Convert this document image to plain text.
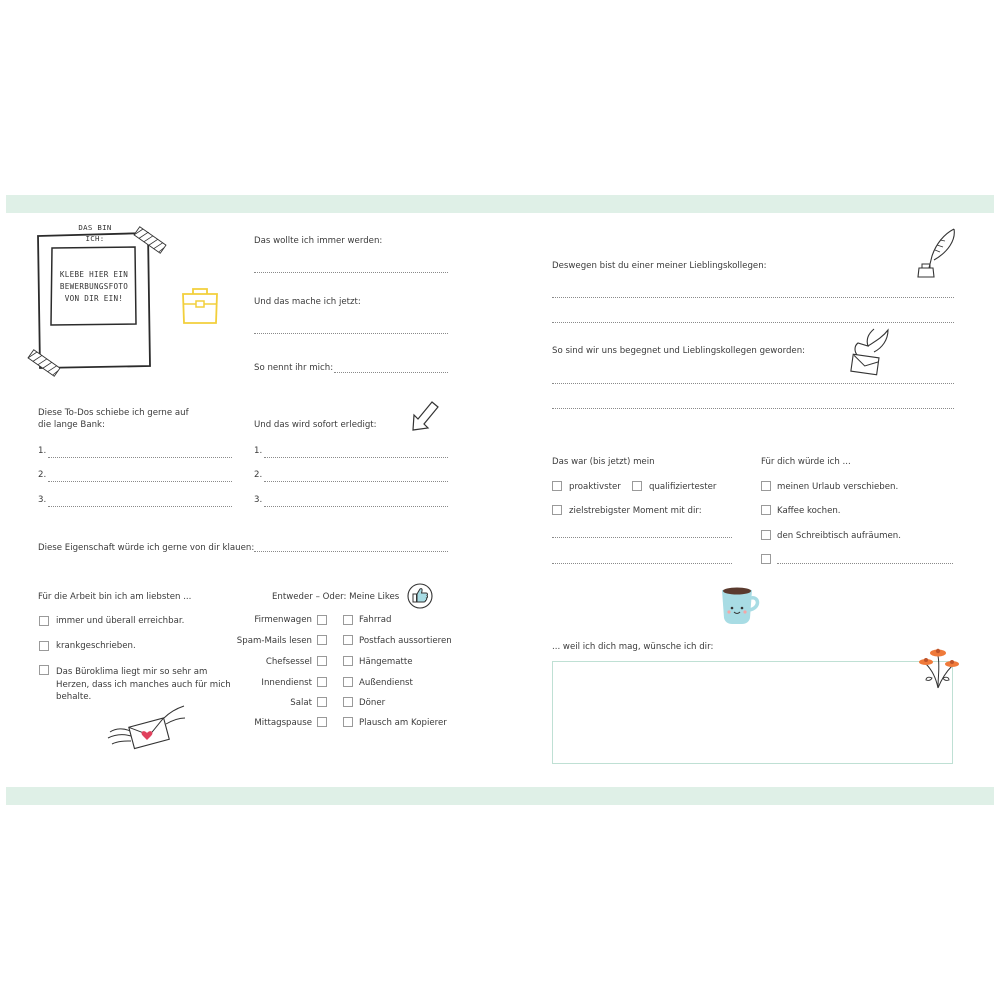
DAS BIN ICH:
KLEBE HIER EIN
BEWERBUNGSFOTO
VON DIR EIN!
Das wollte ich immer werden:
Und das mache ich jetzt:
So nennt ihr mich:
Diese To-Dos schiebe ich gerne auf
die lange Bank:
1.
2.
3.
Und das wird sofort erledigt:
1.
2.
3.
Diese Eigenschaft würde ich gerne von dir klauen:
Für die Arbeit bin ich am liebsten ...
immer und überall erreichbar.
krankgeschrieben.
Das Büroklima liegt mir so sehr am Herzen, dass ich manches auch für mich behalte.
Entweder – Oder: Meine Likes
Firmenwagen
Spam-Mails lesen
Chefsessel
Innendienst
Salat
Mittagspause
Fahrrad
Postfach aussortieren
Hängematte
Außendienst
Döner
Plausch am Kopierer
Deswegen bist du einer meiner Lieblingskollegen:
So sind wir uns begegnet und Lieblingskollegen geworden:
Das war (bis jetzt) mein
proaktivster	qualifiziertester
zielstrebigster Moment mit dir:
Für dich würde ich ...
meinen Urlaub verschieben.
Kaffee kochen.
den Schreibtisch aufräumen.
... weil ich dich mag, wünsche ich dir:
